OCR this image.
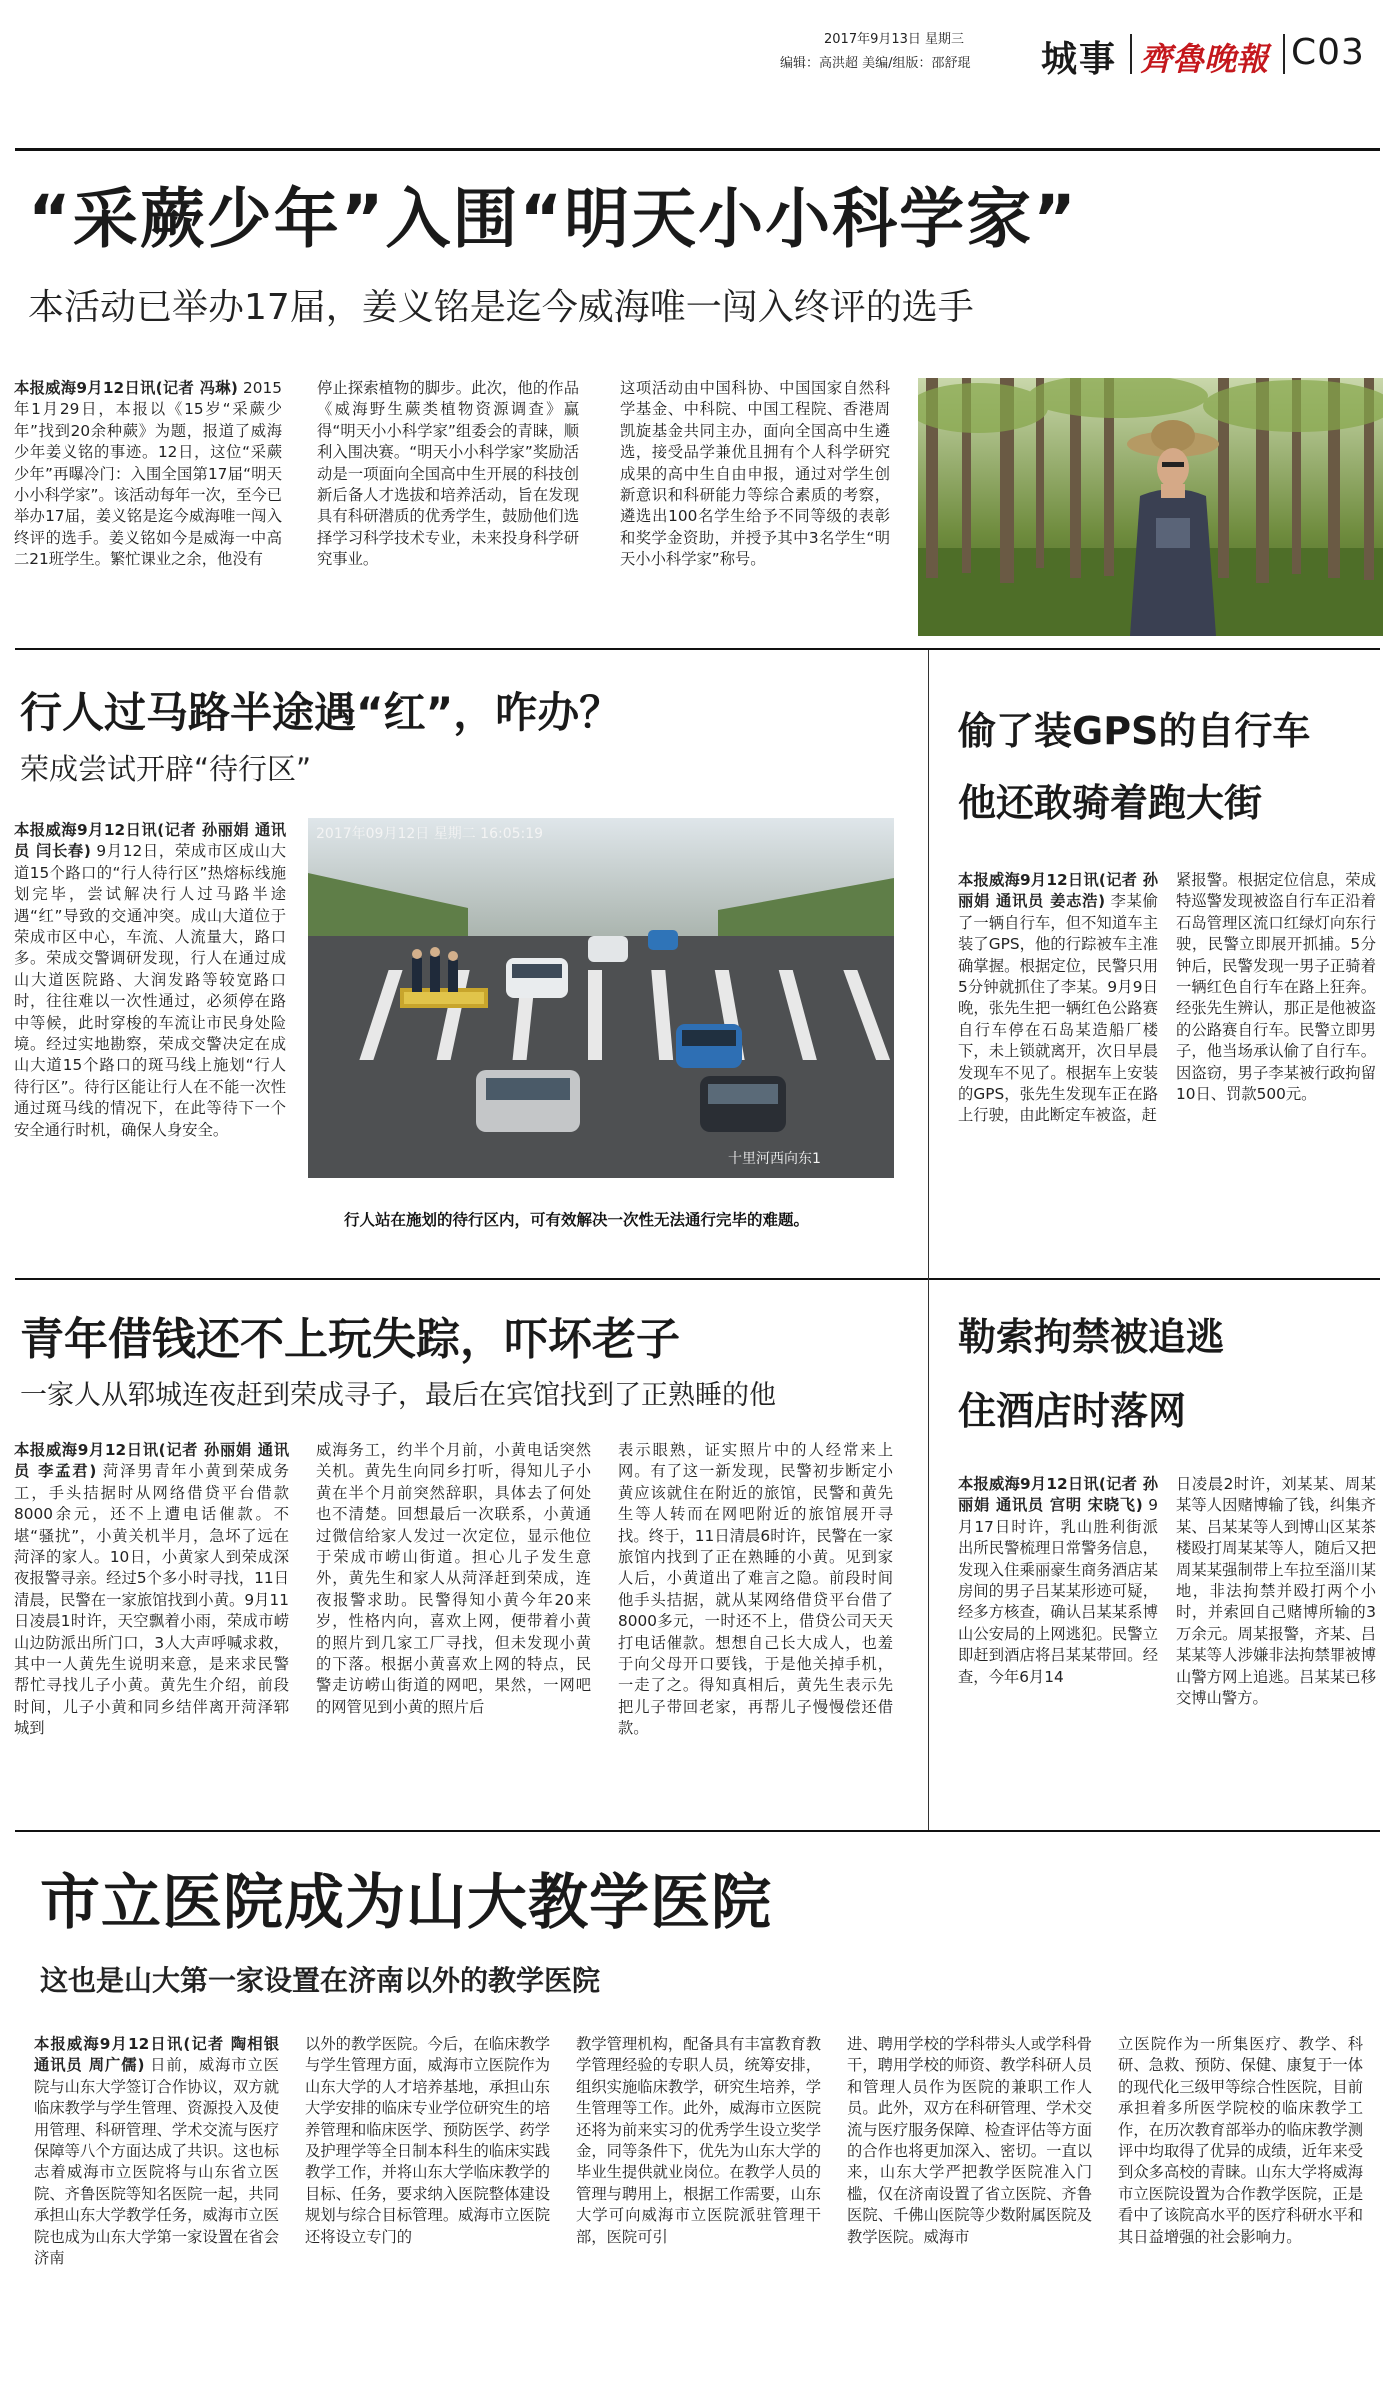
2017年9月13日 星期三
编辑：高洪超 美编/组版：邵舒琨 城事 齊魯晚報 C03
“采蕨少年”入围“明天小小科学家”
本活动已举办17届，姜义铭是迄今威海唯一闯入终评的选手
本报威海9月12日讯(记者 冯琳) 2015年1月29日，本报以《15岁“采蕨少年”找到20余种蕨》为题，报道了威海少年姜义铭的事迹。12日，这位“采蕨少年”再曝冷门：入围全国第17届“明天小小科学家”。该活动每年一次，至今已举办17届，姜义铭是迄今威海唯一闯入终评的选手。姜义铭如今是威海一中高二21班学生。繁忙课业之余，他没有
停止探索植物的脚步。此次，他的作品《威海野生蕨类植物资源调查》赢得“明天小小科学家”组委会的青睐，顺利入围决赛。“明天小小科学家”奖励活动是一项面向全国高中生开展的科技创新后备人才选拔和培养活动，旨在发现具有科研潜质的优秀学生，鼓励他们选择学习科学技术专业，未来投身科学研究事业。
这项活动由中国科协、中国国家自然科学基金、中科院、中国工程院、香港周凯旋基金共同主办，面向全国高中生遴选，接受品学兼优且拥有个人科学研究成果的高中生自由申报，通过对学生创新意识和科研能力等综合素质的考察，遴选出100名学生给予不同等级的表彰和奖学金资助，并授予其中3名学生“明天小小科学家”称号。
行人过马路半途遇“红”，咋办？
荣成尝试开辟“待行区”
本报威海9月12日讯(记者 孙丽娟 通讯员 闫长春) 9月12日，荣成市区成山大道15个路口的“行人待行区”热熔标线施划完毕，尝试解决行人过马路半途遇“红”导致的交通冲突。成山大道位于荣成市区中心，车流、人流量大，路口多。荣成交警调研发现，行人在通过成山大道医院路、大润发路等较宽路口时，往往难以一次性通过，必须停在路中等候，此时穿梭的车流让市民身处险境。经过实地勘察，荣成交警决定在成山大道15个路口的斑马线上施划“行人待行区”。待行区能让行人在不能一次性通过斑马线的情况下，在此等待下一个安全通行时机，确保人身安全。
2017年09月12日 星期二 16:05:19
十里河西向东1
行人站在施划的待行区内，可有效解决一次性无法通行完毕的难题。
偷了装GPS的自行车
他还敢骑着跑大街
本报威海9月12日讯(记者 孙丽娟 通讯员 姜志浩) 李某偷了一辆自行车，但不知道车主装了GPS，他的行踪被车主准确掌握。根据定位，民警只用5分钟就抓住了李某。9月9日晚，张先生把一辆红色公路赛自行车停在石岛某造船厂楼下，未上锁就离开，次日早晨发现车不见了。根据车上安装的GPS，张先生发现车正在路上行驶，由此断定车被盗，赶
紧报警。根据定位信息，荣成特巡警发现被盗自行车正沿着石岛管理区流口红绿灯向东行驶，民警立即展开抓捕。5分钟后，民警发现一男子正骑着一辆红色自行车在路上狂奔。经张先生辨认，那正是他被盗的公路赛自行车。民警立即男子，他当场承认偷了自行车。因盗窃，男子李某被行政拘留10日、罚款500元。
青年借钱还不上玩失踪，吓坏老子
一家人从郓城连夜赶到荣成寻子，最后在宾馆找到了正熟睡的他
本报威海9月12日讯(记者 孙丽娟 通讯员 李孟君) 菏泽男青年小黄到荣成务工，手头拮据时从网络借贷平台借款8000余元，还不上遭电话催款。不堪“骚扰”，小黄关机半月，急坏了远在菏泽的家人。10日，小黄家人到荣成深夜报警寻亲。经过5个多小时寻找，11日清晨，民警在一家旅馆找到小黄。9月11日凌晨1时许，天空飘着小雨，荣成市崂山边防派出所门口，3人大声呼喊求救，其中一人黄先生说明来意，是来求民警帮忙寻找儿子小黄。黄先生介绍，前段时间，儿子小黄和同乡结伴离开菏泽郓城到
威海务工，约半个月前，小黄电话突然关机。黄先生向同乡打听，得知儿子小黄在半个月前突然辞职，具体去了何处也不清楚。回想最后一次联系，小黄通过微信给家人发过一次定位，显示他位于荣成市崂山街道。担心儿子发生意外，黄先生和家人从菏泽赶到荣成，连夜报警求助。民警得知小黄今年20来岁，性格内向，喜欢上网，便带着小黄的照片到几家工厂寻找，但未发现小黄的下落。根据小黄喜欢上网的特点，民警走访崂山街道的网吧，果然，一网吧的网管见到小黄的照片后
表示眼熟，证实照片中的人经常来上网。有了这一新发现，民警初步断定小黄应该就住在附近的旅馆，民警和黄先生等人转而在网吧附近的旅馆展开寻找。终于，11日清晨6时许，民警在一家旅馆内找到了正在熟睡的小黄。见到家人后，小黄道出了难言之隐。前段时间他手头拮据，就从某网络借贷平台借了8000多元，一时还不上，借贷公司天天打电话催款。想想自己长大成人，也羞于向父母开口要钱，于是他关掉手机，一走了之。得知真相后，黄先生表示先把儿子带回老家，再帮儿子慢慢偿还借款。
勒索拘禁被追逃
住酒店时落网
本报威海9月12日讯(记者 孙丽娟 通讯员 宫明 宋晓飞) 9月17日时许，乳山胜利街派出所民警梳理日常警务信息，发现入住乘丽豪生商务酒店某房间的男子吕某某形迹可疑，经多方核查，确认吕某某系博山公安局的上网逃犯。民警立即赶到酒店将吕某某带回。经查，今年6月14
日凌晨2时许，刘某某、周某某等人因赌博输了钱，纠集齐某、吕某某等人到博山区某茶楼殴打周某某等人，随后又把周某某强制带上车拉至淄川某地，非法拘禁并殴打两个小时，并索回自己赌博所输的3万余元。周某报警，齐某、吕某某等人涉嫌非法拘禁罪被博山警方网上追逃。吕某某已移交博山警方。
市立医院成为山大教学医院
这也是山大第一家设置在济南以外的教学医院
本报威海9月12日讯(记者 陶相银 通讯员 周广儒) 日前，威海市立医院与山东大学签订合作协议，双方就临床教学与学生管理、资源投入及使用管理、科研管理、学术交流与医疗保障等八个方面达成了共识。这也标志着威海市立医院将与山东省立医院、齐鲁医院等知名医院一起，共同承担山东大学教学任务，威海市立医院也成为山东大学第一家设置在省会济南
以外的教学医院。今后，在临床教学与学生管理方面，威海市立医院作为山东大学的人才培养基地，承担山东大学安排的临床专业学位研究生的培养管理和临床医学、预防医学、药学及护理学等全日制本科生的临床实践教学工作，并将山东大学临床教学的目标、任务，要求纳入医院整体建设规划与综合目标管理。威海市立医院还将设立专门的
教学管理机构，配备具有丰富教育教学管理经验的专职人员，统筹安排，组织实施临床教学，研究生培养，学生管理等工作。此外，威海市立医院还将为前来实习的优秀学生设立奖学金，同等条件下，优先为山东大学的毕业生提供就业岗位。在教学人员的管理与聘用上，根据工作需要，山东大学可向威海市立医院派驻管理干部，医院可引
进、聘用学校的学科带头人或学科骨干，聘用学校的师资、教学科研人员和管理人员作为医院的兼职工作人员。此外，双方在科研管理、学术交流与医疗服务保障、检查评估等方面的合作也将更加深入、密切。一直以来，山东大学严把教学医院准入门槛，仅在济南设置了省立医院、齐鲁医院、千佛山医院等少数附属医院及教学医院。威海市
立医院作为一所集医疗、教学、科研、急救、预防、保健、康复于一体的现代化三级甲等综合性医院，目前承担着多所医学院校的临床教学工作，在历次教育部举办的临床教学测评中均取得了优异的成绩，近年来受到众多高校的青睐。山东大学将威海市立医院设置为合作教学医院，正是看中了该院高水平的医疗科研水平和其日益增强的社会影响力。
